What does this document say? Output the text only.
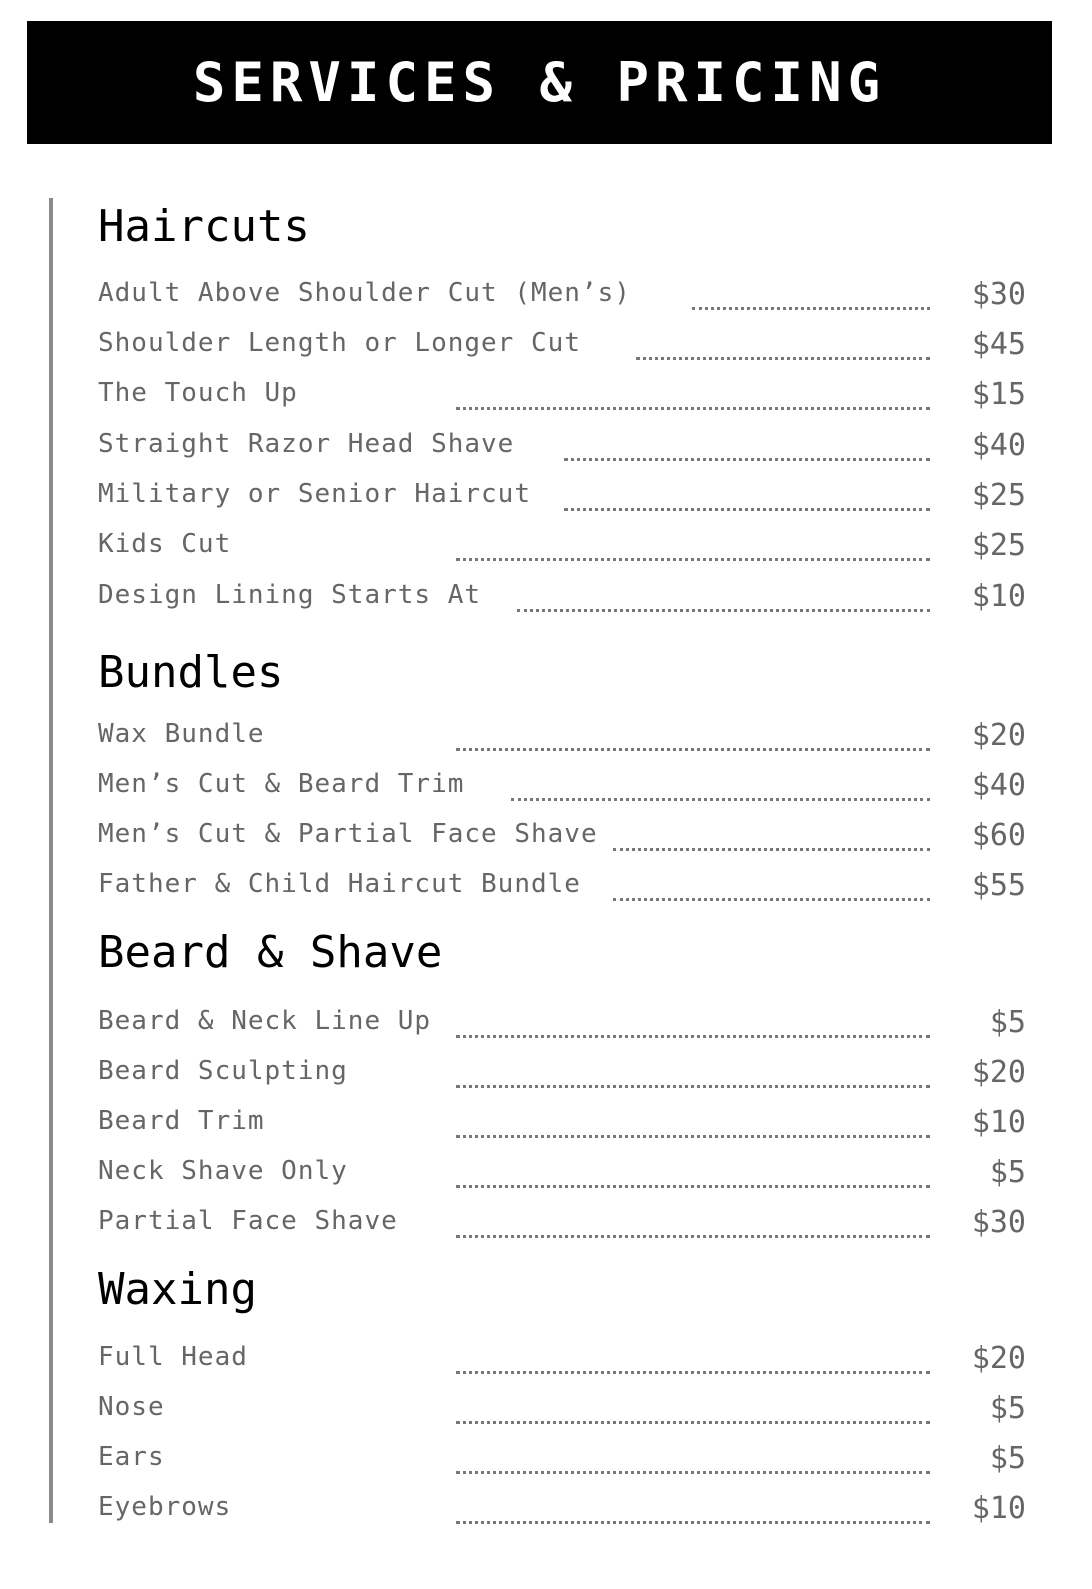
SERVICES & PRICING
Haircuts
Adult Above Shoulder Cut (Men’s)	$30
Shoulder Length or Longer Cut	$45
The Touch Up	$15
Straight Razor Head Shave	$40
Military or Senior Haircut	$25
Kids Cut	$25
Design Lining Starts At	$10
Bundles
Wax Bundle	$20
Men’s Cut & Beard Trim	$40
Men’s Cut & Partial Face Shave	$60
Father & Child Haircut Bundle	$55
Beard & Shave
Beard & Neck Line Up	$5
Beard Sculpting	$20
Beard Trim	$10
Neck Shave Only	$5
Partial Face Shave	$30
Waxing
Full Head	$20
Nose	$5
Ears	$5
Eyebrows	$10
